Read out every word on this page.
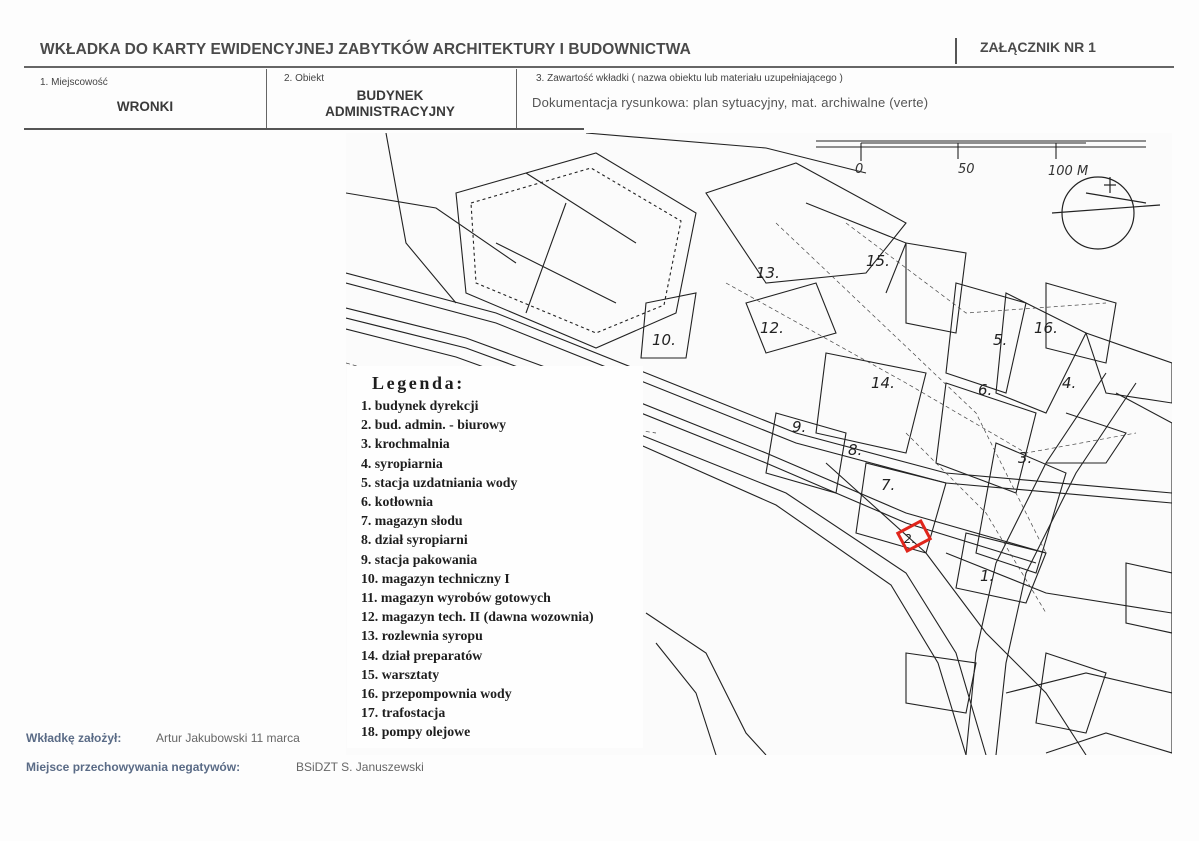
WKŁADKA DO KARTY EWIDENCYJNEJ ZABYTKÓW ARCHITEKTURY I BUDOWNICTWA	ZAŁĄCZNIK NR 1
1. Miejscowość
WRONKI
2. Obiekt
BUDYNEK ADMINISTRACYJNY
3. Zawartość wkładki ( nazwa obiektu lub materiału uzupełniającego )
Dokumentacja rysunkowa: plan sytuacyjny, mat. archiwalne (verte)
0	50	100 M
1.
2.
3.
4.
5.
6.
7.
8.
9.
10.
12.
13.
14.
15.
16.
Legenda:
1. budynek dyrekcji
2. bud. admin. - biurowy
3. krochmalnia
4. syropiarnia
5. stacja uzdatniania wody
6. kotłownia
7. magazyn słodu
8. dział syropiarni
9. stacja pakowania
10. magazyn techniczny I
11. magazyn wyrobów gotowych
12. magazyn tech. II (dawna wozownia)
13. rozlewnia syropu
14. dział preparatów
15. warsztaty
16. przepompownia wody
17. trafostacja
18. pompy olejowe
Wkładkę założył:	Artur Jakubowski 11 marca
Miejsce przechowywania negatywów:	BSiDZT S. Januszewski
